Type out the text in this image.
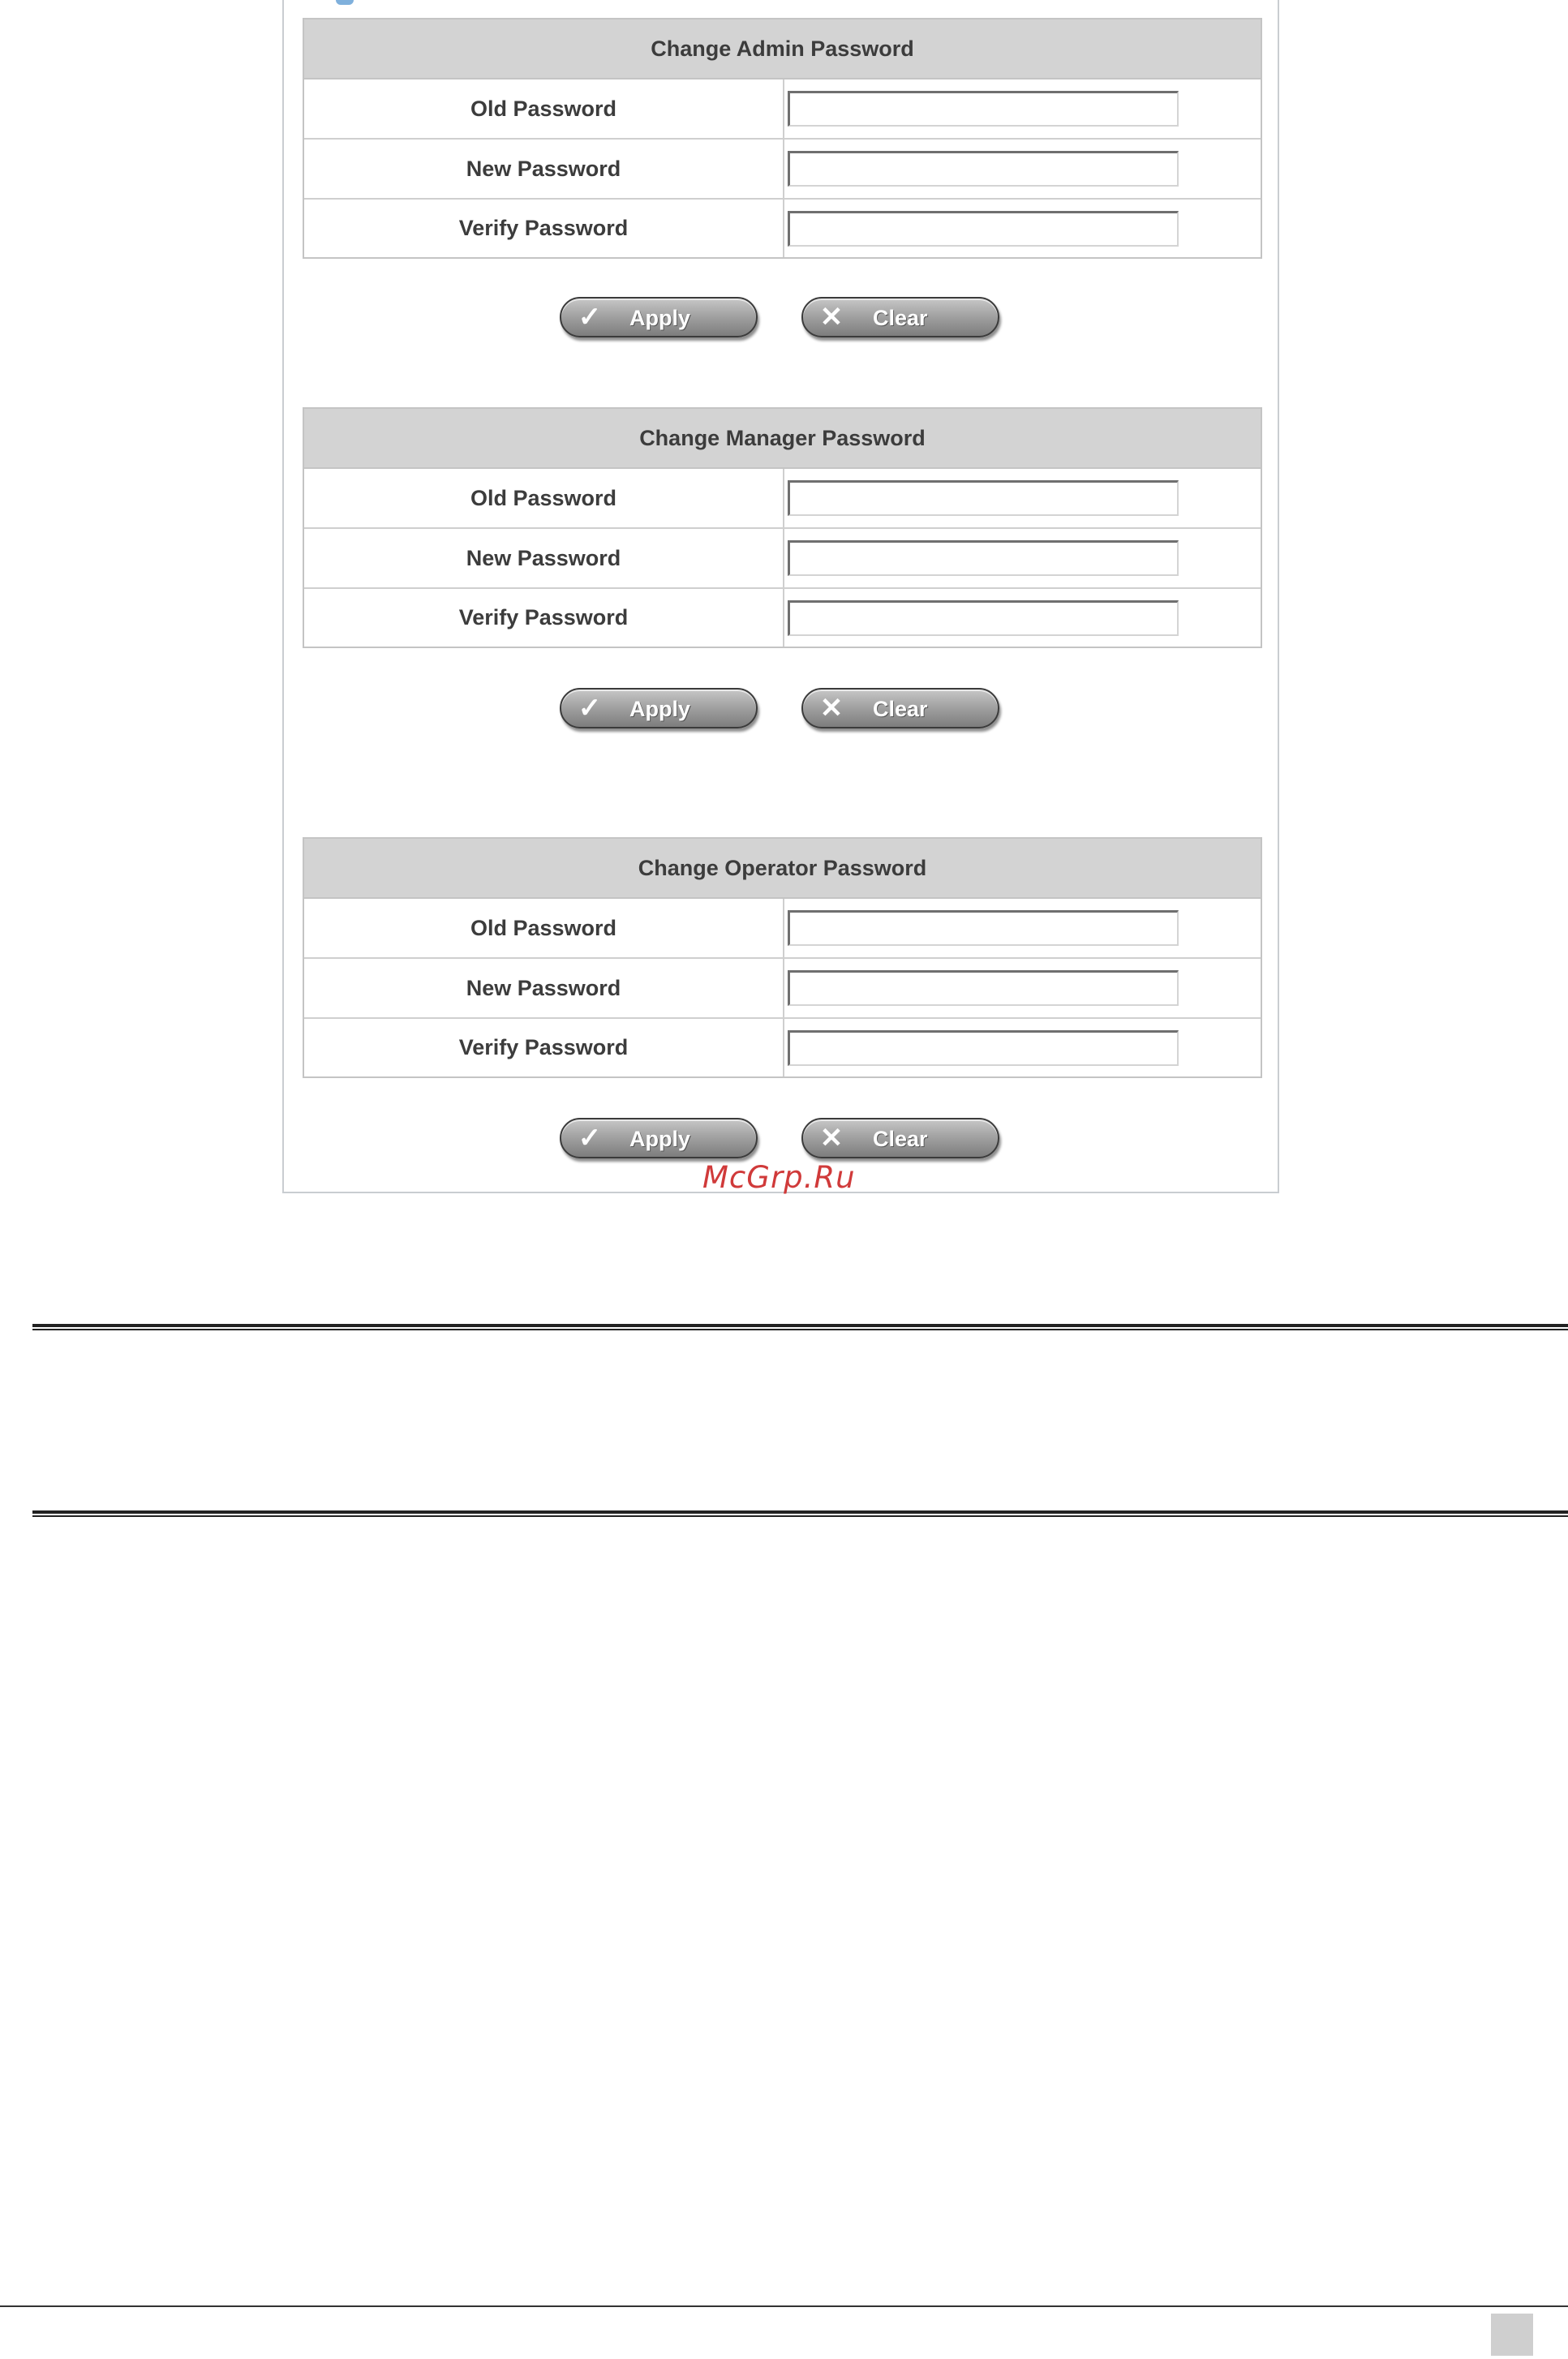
Change Admin Password
Old Password
New Password
Verify Password
✓ Apply	✕ Clear
Change Manager Password
Old Password
New Password
Verify Password
✓ Apply	✕ Clear
Change Operator Password
Old Password
New Password
Verify Password
✓ Apply	✕ Clear
McGrp.Ru
